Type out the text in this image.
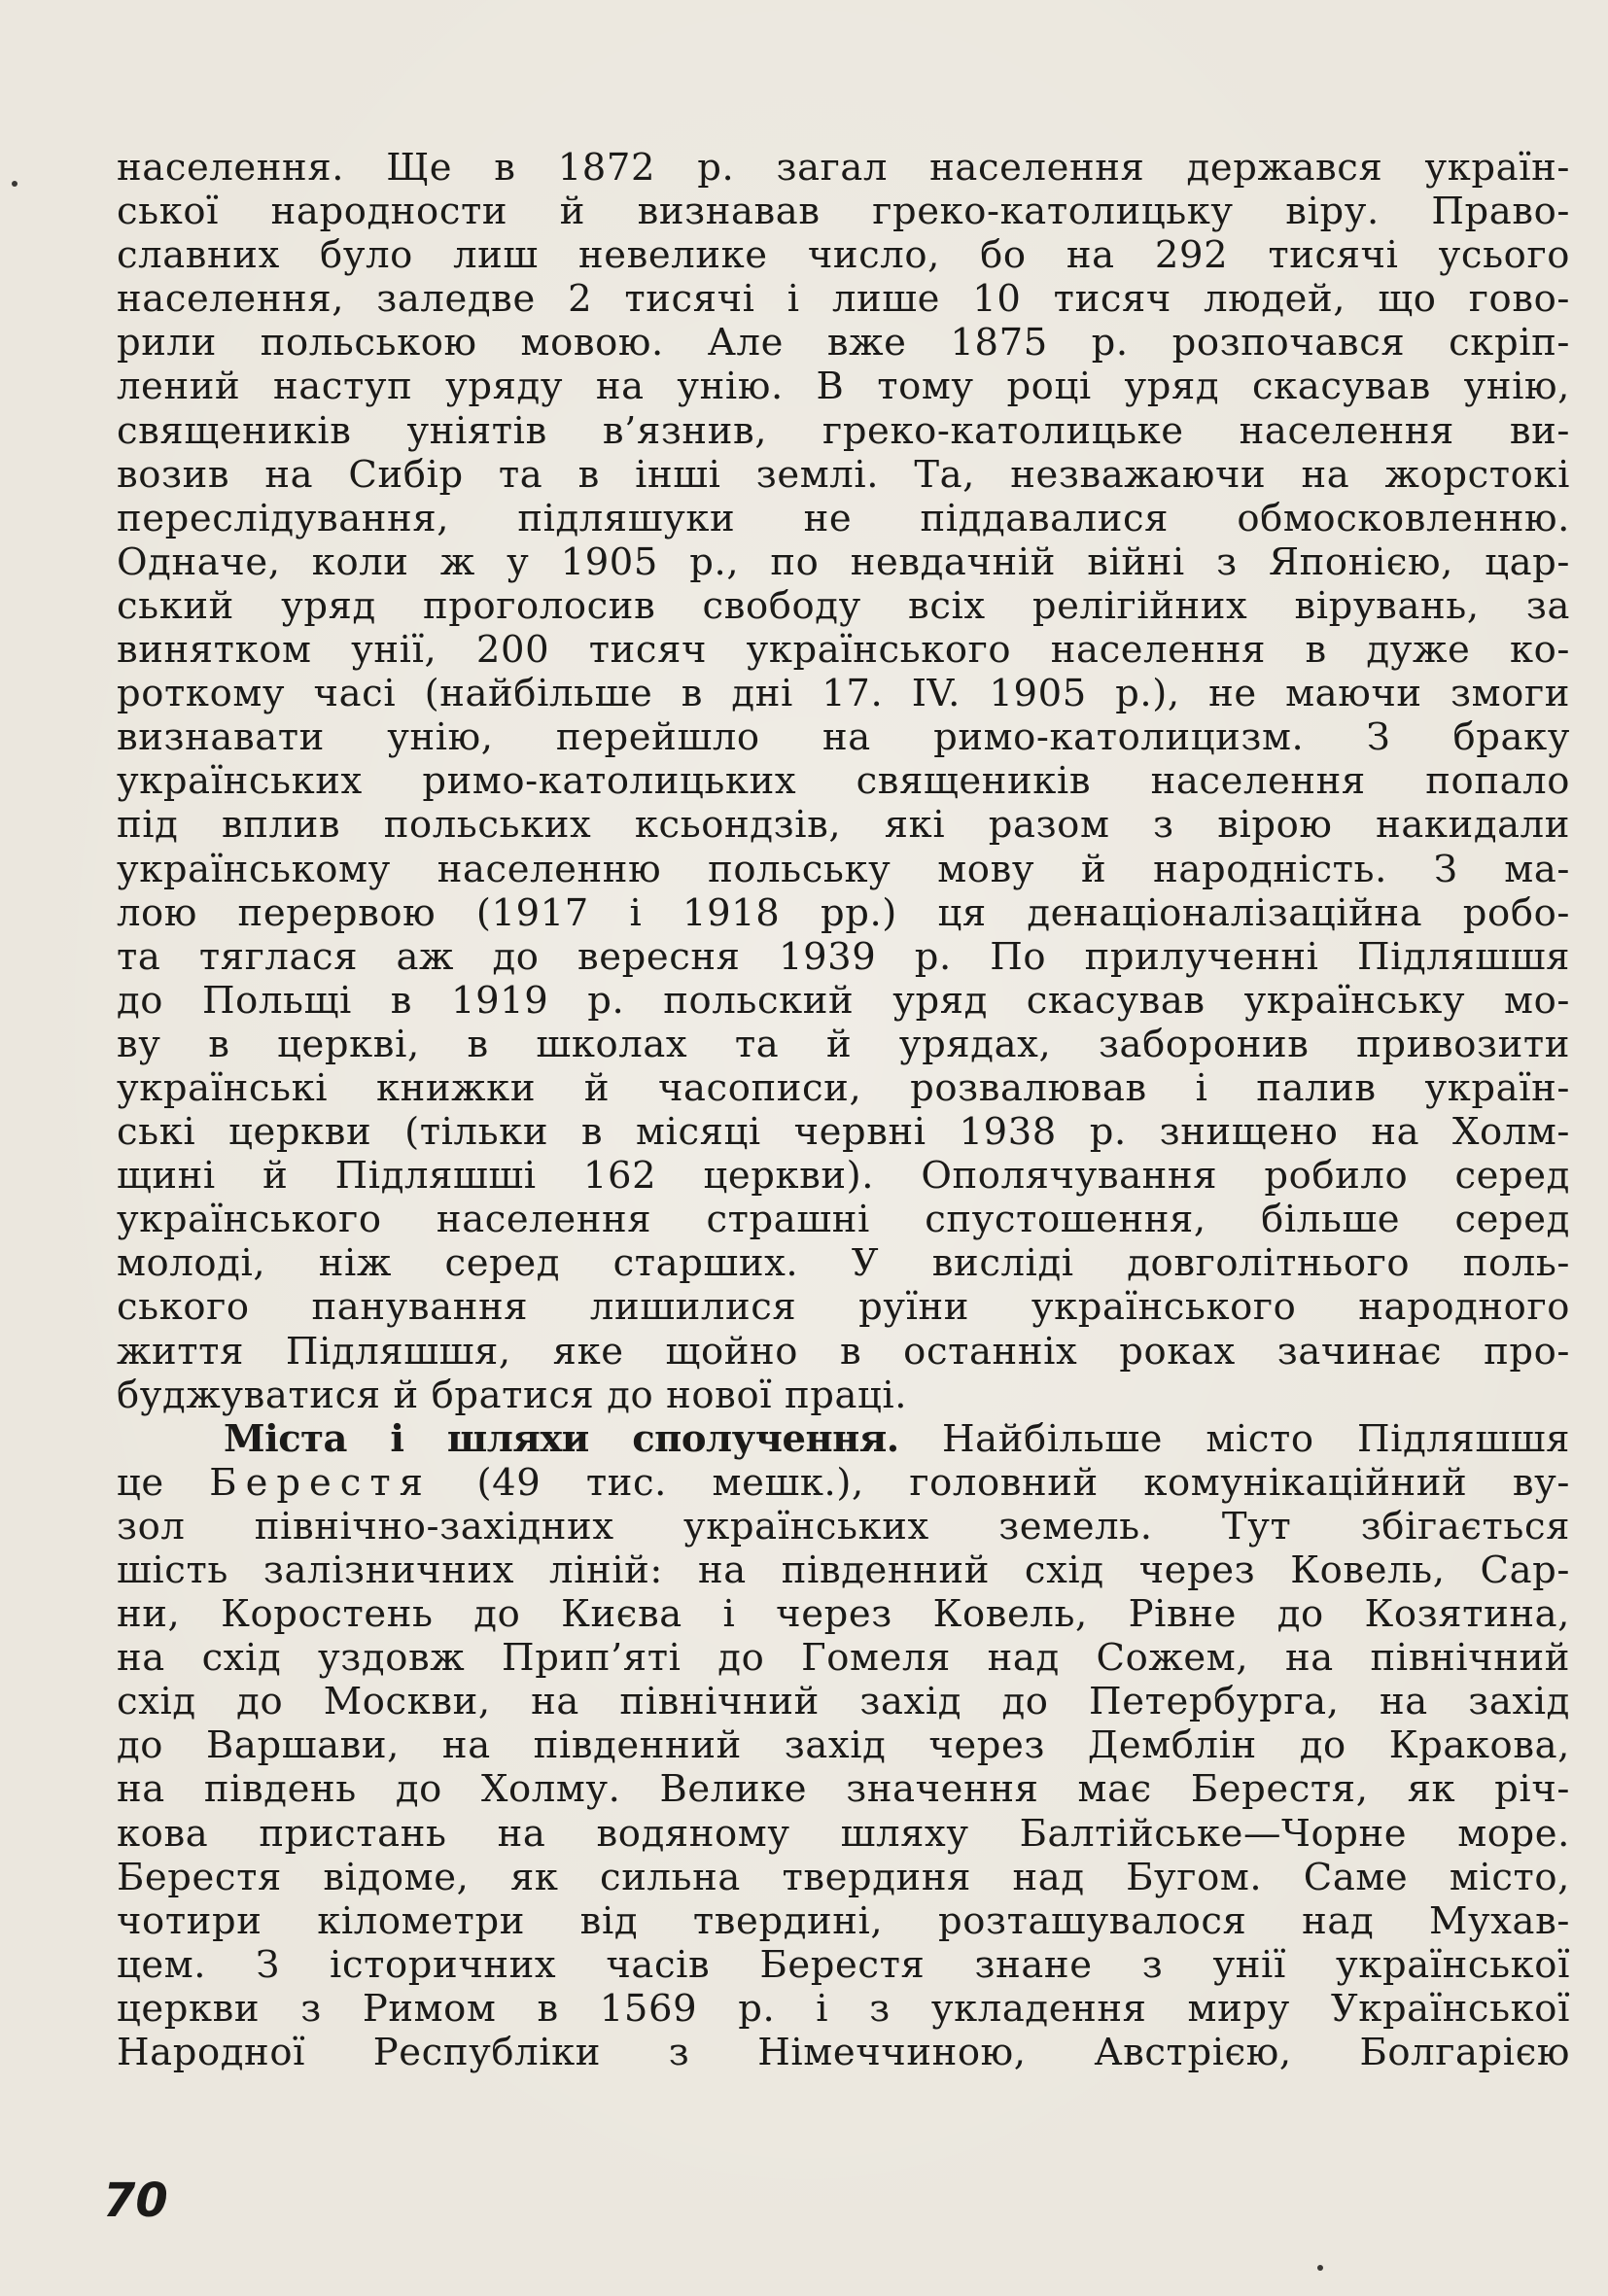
населення. Ще в 1872 р. загал населення держався україн-
ської народности й визнавав греко-католицьку віру. Право-
славних було лиш невелике число, бо на 292 тисячі усього
населення, заледве 2 тисячі і лише 10 тисяч людей, що гово-
рили польською мовою. Але вже 1875 р. розпочався скріп-
лений наступ уряду на унію. В тому році уряд скасував унію,
священиків уніятів в’язнив, греко-католицьке населення ви-
возив на Сибір та в інші землі. Та, незважаючи на жорстокі
переслідування, підляшуки не піддавалися обмосковленню.
Одначе, коли ж у 1905 р., по невдачній війні з Японією, цар-
ський уряд проголосив свободу всіх релігійних вірувань, за
винятком унії, 200 тисяч українського населення в дуже ко-
роткому часі (найбільше в дні 17. IV. 1905 р.), не маючи змоги
визнавати унію, перейшло на римо-католицизм. З браку
українських римо-католицьких священиків населення попало
під вплив польських ксьондзів, які разом з вірою накидали
українському населенню польську мову й народність. З ма-
лою перервою (1917 і 1918 рр.) ця денаціоналізаційна робо-
та тяглася аж до вересня 1939 р. По прилученні Підляшшя
до Польщі в 1919 р. польский уряд скасував українську мо-
ву в церкві, в школах та й урядах, заборонив привозити
українські книжки й часописи, розвалював і палив україн-
ські церкви (тільки в місяці червні 1938 р. знищено на Холм-
щині й Підляшші 162 церкви). Ополячування робило серед
українського населення страшні спустошення, більше серед
молоді, ніж серед старших. У висліді довголітнього поль-
ського панування лишилися руїни українського народного
життя Підляшшя, яке щойно в останніх роках зачинає про-
буджуватися й братися до нової праці.
Міста і шляхи сполучення. Найбільше місто Підляшшя
це Берестя (49 тис. мешк.), головний комунікаційний ву-
зол північно-західних українських земель. Тут збігається
шість залізничних ліній: на південний схід через Ковель, Сар-
ни, Коростень до Києва і через Ковель, Рівне до Козятина,
на схід уздовж Прип’яті до Гомеля над Сожем, на північний
схід до Москви, на північний захід до Петербурга, на захід
до Варшави, на південний захід через Демблін до Кракова,
на південь до Холму. Велике значення має Берестя, як річ-
кова пристань на водяному шляху Балтійське—Чорне море.
Берестя відоме, як сильна твердиня над Бугом. Саме місто,
чотири кілометри від твердині, розташувалося над Мухав-
цем. З історичних часів Берестя знане з унії української
церкви з Римом в 1569 р. і з укладення миру Української
Народної Республіки з Німеччиною, Австрією, Болгарією
70
